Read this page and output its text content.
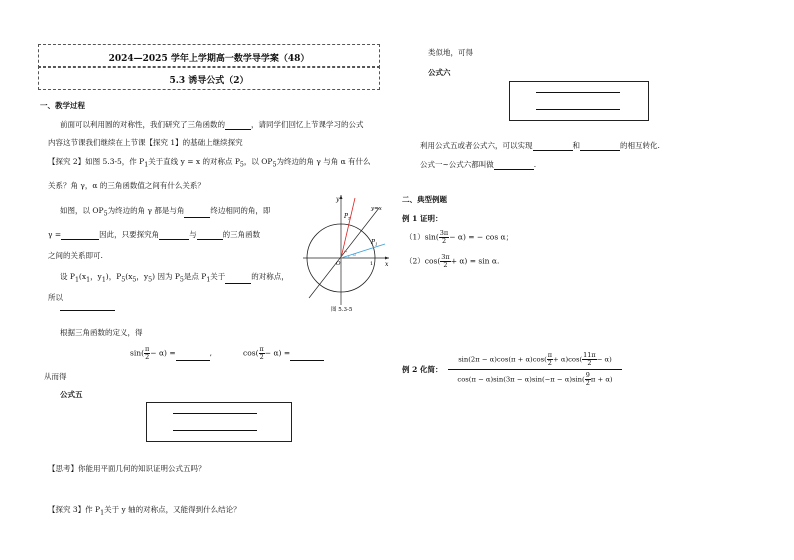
2024—2025 学年上学期高一数学导学案（48）
5.3 诱导公式（2）
一、教学过程
前面可以利用圆的对称性，我们研究了三角函数的	，请同学们回忆上节课学习的公式
内容这节课我们继续在上节课【探究 1】的基础上继续探究
【探究 2】如图 5.3-5，作 $P_1$关于直线 y = x 的对称点 $P_5$，以 $OP_5$为终边的角 γ 与角 α 有什么
关系？角 γ，α 的三角函数值之间有什么关系？
如图，以 $OP_5$为终边的角 γ 都是与角	终边相同的角，即
γ =	因此，只要探究角	与	的三角函数
之间的关系即可.
设 $P_1(x_1$，$y_1$)，$P_5(x_5$，$y_5$) 因为 $P_5$是点 $P_1$关于	的对称点，
所以
根据三角函数的定义，得
$\sin( \frac{\pi}{2} - \alpha)$ =	,	$\cos( \frac{\pi}{2} - \alpha)$ =
从而得
公式五
【思考】你能用平面几何的知识证明公式五吗？
【探究 3】作 $P_1$关于 y 轴的对称点，又能得到什么结论？
y
x
y=x
$P_5$
$P_1$
O	1
α
图 5.3-5
类似地，可得
公式六
利用公式五或者公式六，可以实现	和	的相互转化.
公式一~公式六都叫做	.
二、典型例题
例 1 证明：
$(1)\sin( \frac{3\pi}{2} - \alpha)$ = − cos α；
$(2)\cos( \frac{3\pi}{2} + \alpha) = \sin \alpha$.
例 2 化简： $\frac{\sin(2\pi - \alpha)\cos(\pi + \alpha)\cos( \frac{\pi}{2} + \alpha)\cos( \frac{11\pi}{2} - \alpha)}{\cos(\pi - \alpha)\sin(3\pi - \alpha)\sin(-\pi - \alpha)\sin( \frac{9}{2} \pi + \alpha)}$
